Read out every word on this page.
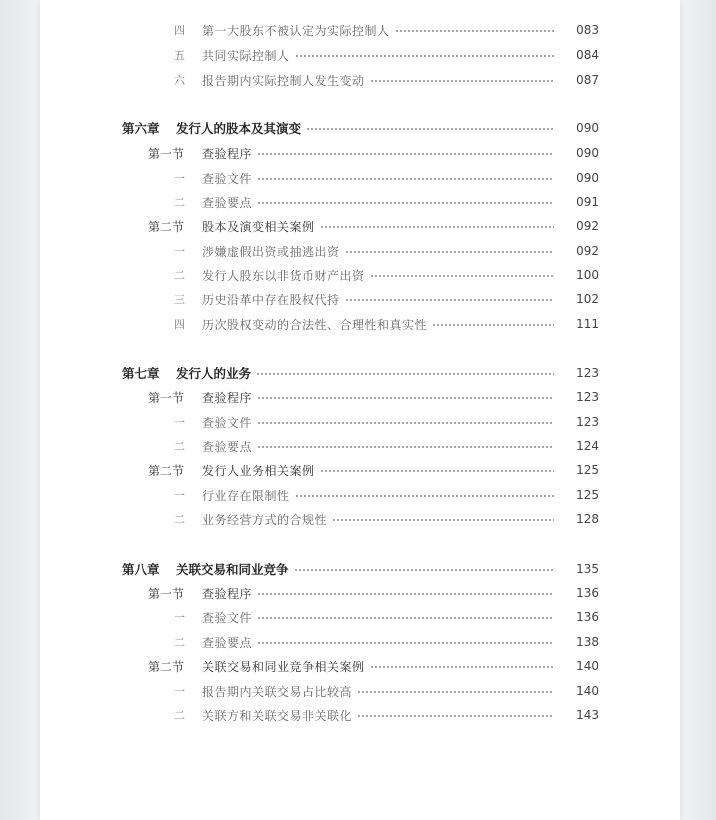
四	第一大股东不被认定为实际控制人	083
五	共同实际控制人	084
六	报告期内实际控制人发生变动	087
第六章	发行人的股本及其演变	090
第一节	查验程序	090
一	查验文件	090
二	查验要点	091
第二节	股本及演变相关案例	092
一	涉嫌虚假出资或抽逃出资	092
二	发行人股东以非货币财产出资	100
三	历史沿革中存在股权代持	102
四	历次股权变动的合法性、合理性和真实性	111
第七章	发行人的业务	123
第一节	查验程序	123
一	查验文件	123
二	查验要点	124
第二节	发行人业务相关案例	125
一	行业存在限制性	125
二	业务经营方式的合规性	128
第八章	关联交易和同业竞争	135
第一节	查验程序	136
一	查验文件	136
二	查验要点	138
第二节	关联交易和同业竞争相关案例	140
一	报告期内关联交易占比较高	140
二	关联方和关联交易非关联化	143
